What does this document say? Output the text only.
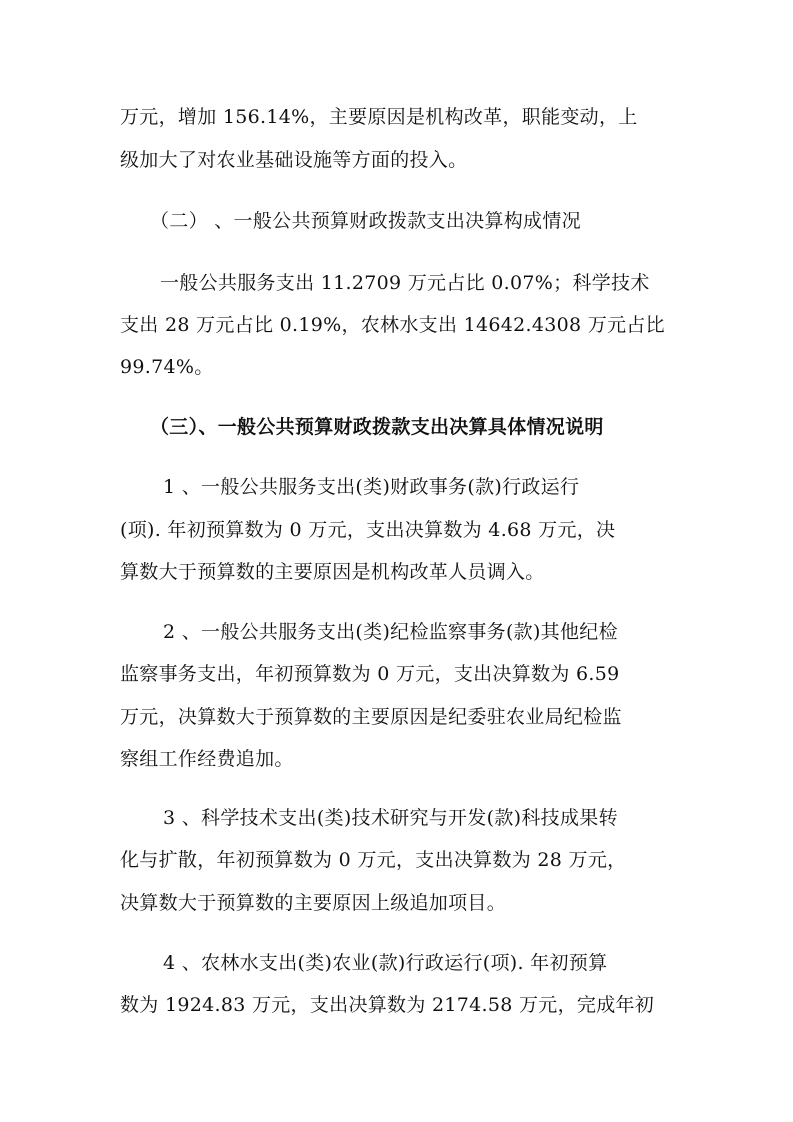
万元，增加 156.14%，主要原因是机构改革，职能变动，上
级加大了对农业基础设施等方面的投入。
（二） 、一般公共预算财政拨款支出决算构成情况
一般公共服务支出 11.2709 万元占比 0.07%；科学技术
支出 28 万元占比 0.19%，农林水支出 14642.4308 万元占比
99.74%。
（三）、一般公共预算财政拨款支出决算具体情况说明
1 、一般公共服务支出(类)财政事务(款)行政运行
(项). 年初预算数为 0 万元，支出决算数为 4.68 万元，决
算数大于预算数的主要原因是机构改革人员调入。
2 、一般公共服务支出(类)纪检监察事务(款)其他纪检
监察事务支出，年初预算数为 0 万元，支出决算数为 6.59
万元，决算数大于预算数的主要原因是纪委驻农业局纪检监
察组工作经费追加。
3 、科学技术支出(类)技术研究与开发(款)科技成果转
化与扩散，年初预算数为 0 万元，支出决算数为 28 万元，
决算数大于预算数的主要原因上级追加项目。
4 、农林水支出(类)农业(款)行政运行(项). 年初预算
数为 1924.83 万元，支出决算数为 2174.58 万元，完成年初
